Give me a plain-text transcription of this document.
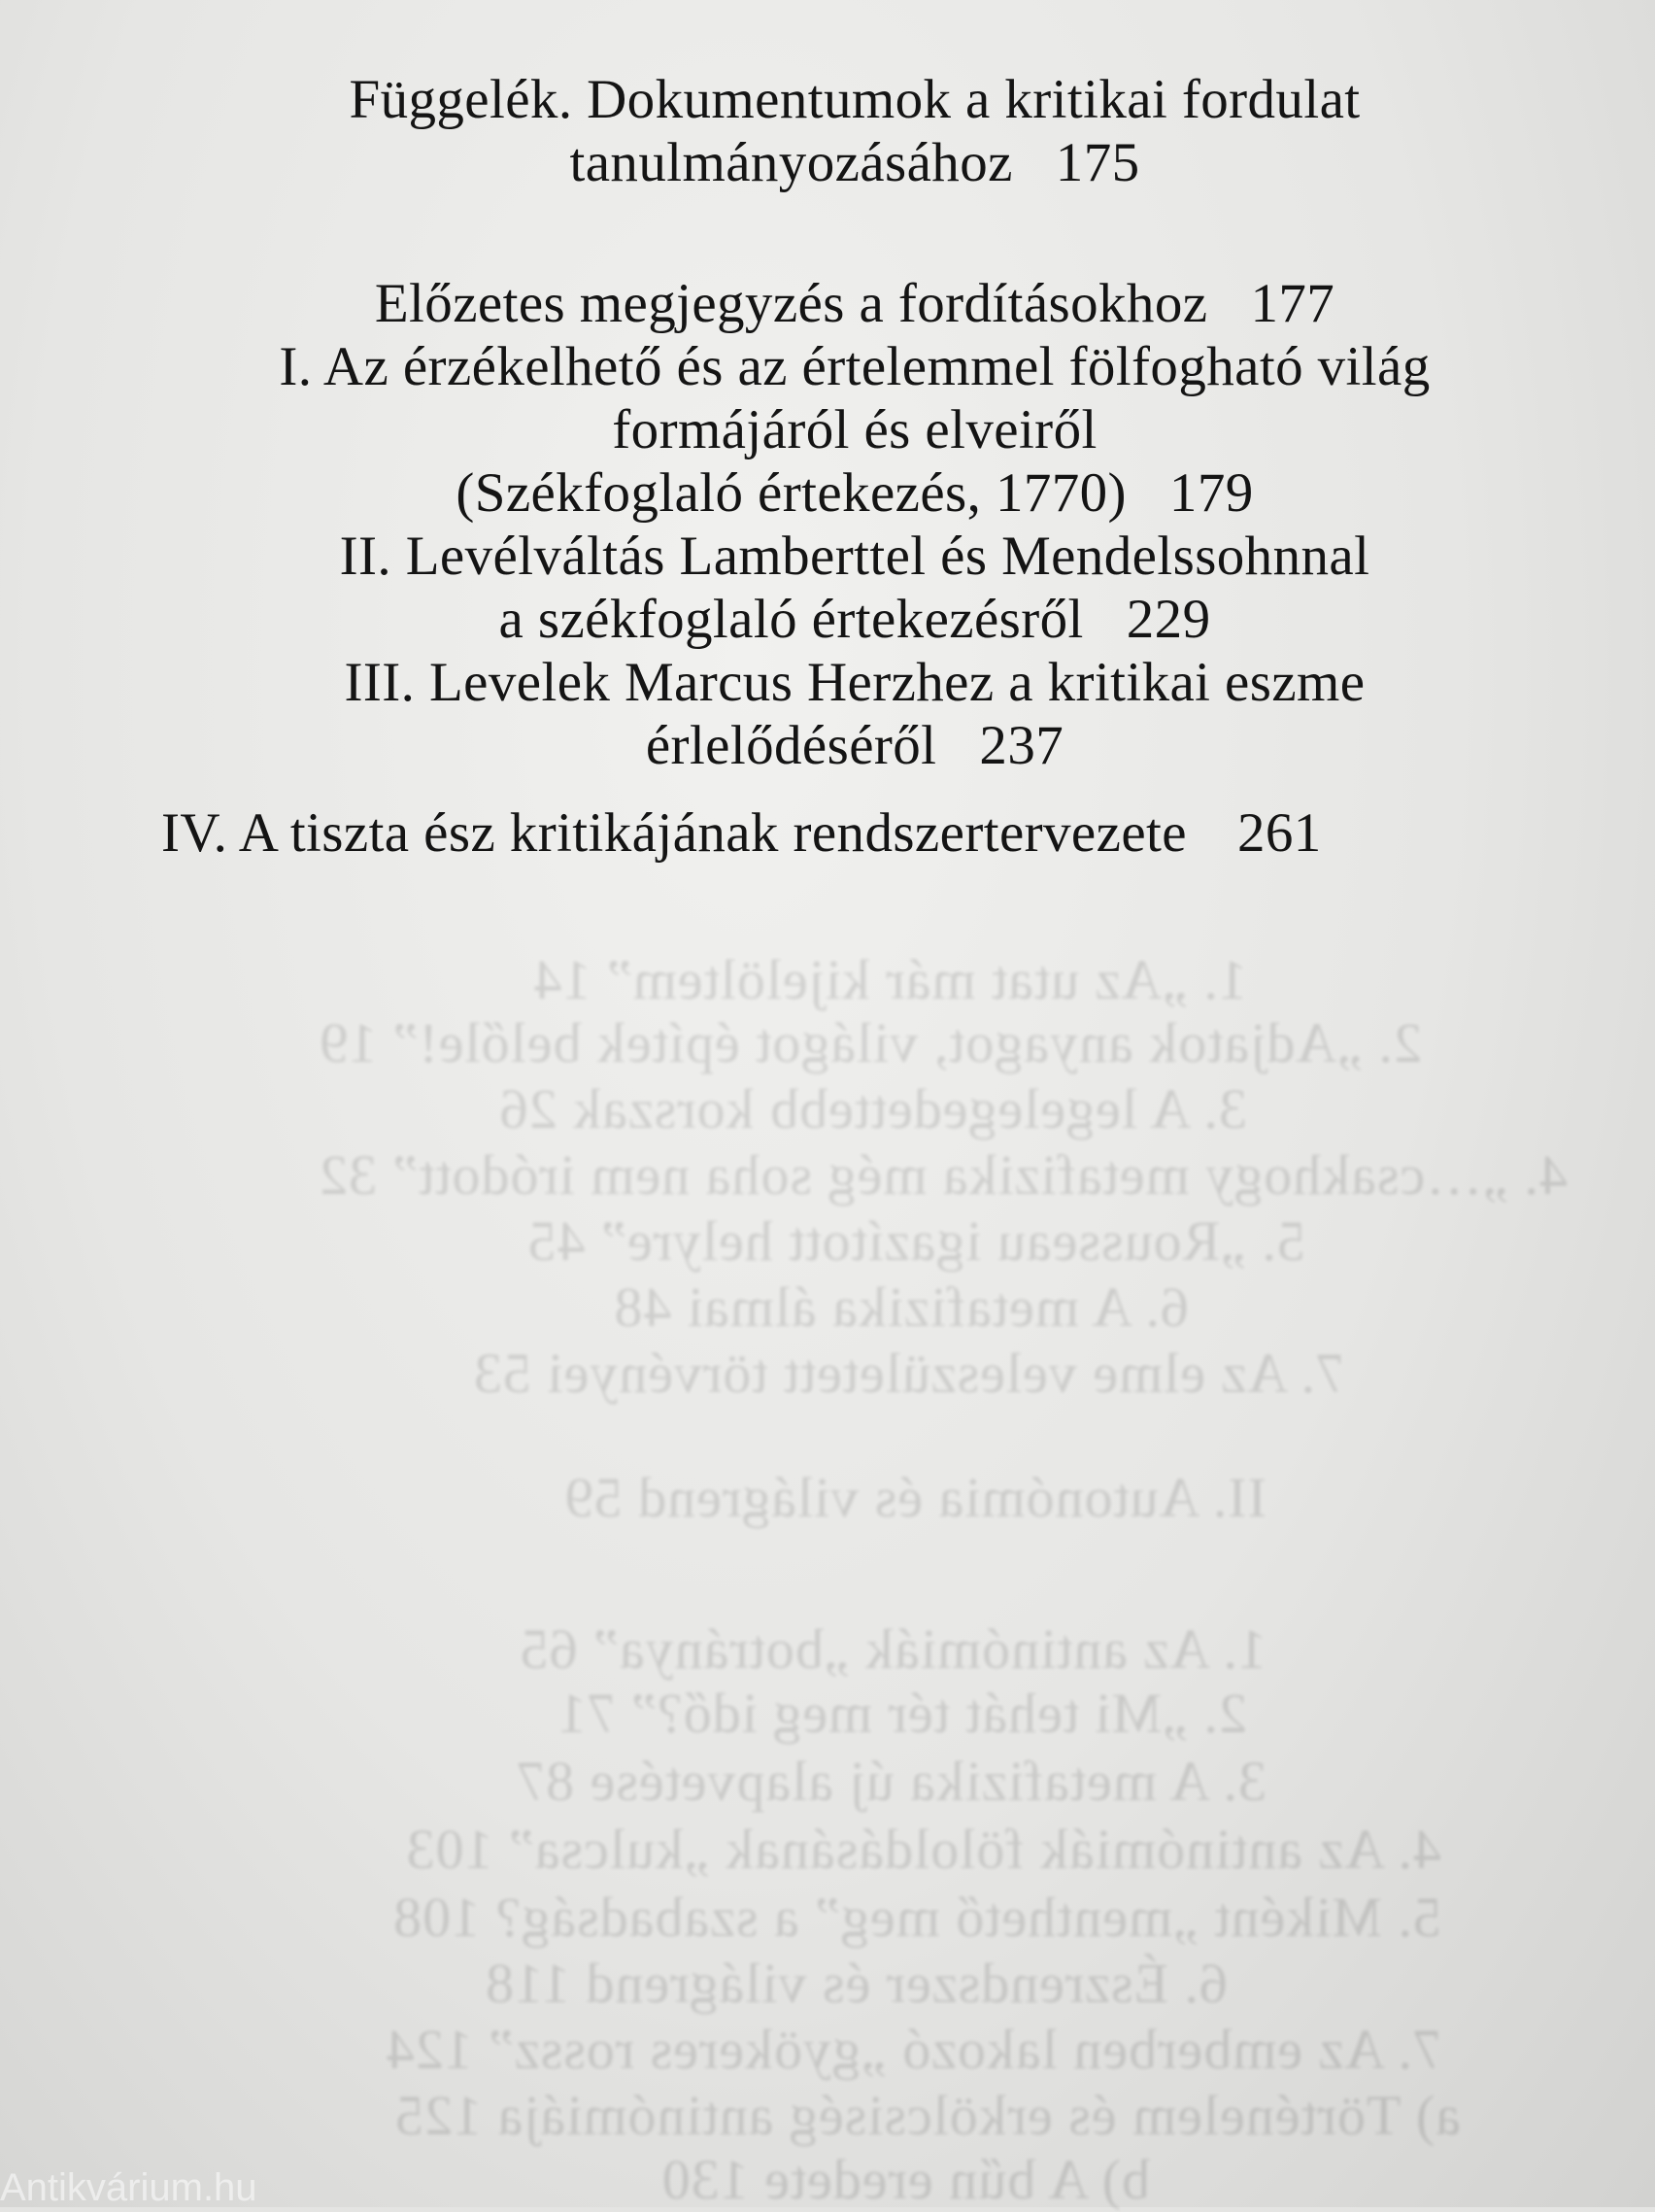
1. „Az utat már kijelöltem” 14
2. „Adjatok anyagot, világot építek belőle!” 19
3. A legelegedettebb korszak 26
4. „…csakhogy metafizika még soha nem iródott” 32
5. „Rousseau igazított helyre” 45
6. A metafizika álmai 48
7. Az elme veleszületett törvényei 53
II. Autonómia és világrend 59
1. Az antinómiák „botránya” 65
2. „Mi tehát tér meg idő?” 71
3. A metafizika új alapvetése 87
4. Az antinómiák föloldásának „kulcsa” 103
5. Miként „menthető meg” a szabadság? 108
6. Észrendszer és világrend 118
7. Az emberben lakozó „gyökeres rossz” 124
a) Történelem és erkölcsiség antinómiája 125
b) A bűn eredete 130
Függelék. Dokumentumok a kritikai fordulat
tanulmányozásához 175
Előzetes megjegyzés a fordításokhoz 177
I. Az érzékelhető és az értelemmel fölfogható világ
formájáról és elveiről
(Székfoglaló értekezés, 1770) 179
II. Levélváltás Lamberttel és Mendelssohnnal
a székfoglaló értekezésről 229
III. Levelek Marcus Herzhez a kritikai eszme
érlelődéséről 237
IV. A tiszta ész kritikájának rendszertervezete 261
Antikvárium.hu
